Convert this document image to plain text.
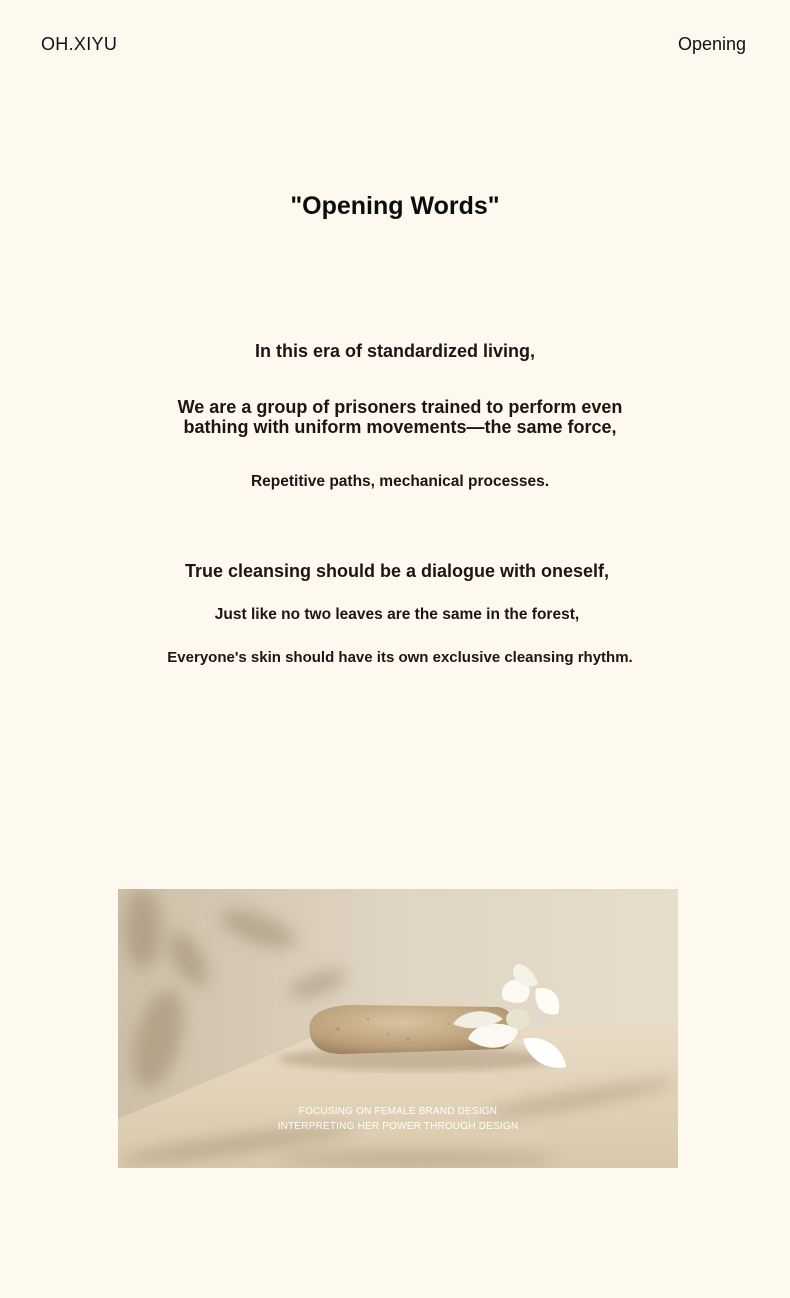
OH.XIYU	Opening
"Opening Words"
In this era of standardized living,
We are a group of prisoners trained to perform even
bathing with uniform movements—the same force,
Repetitive paths, mechanical processes.
True cleansing should be a dialogue with oneself,
Just like no two leaves are the same in the forest,
Everyone's skin should have its own exclusive cleansing rhythm.
FOCUSING ON FEMALE BRAND DESIGN
INTERPRETING HER POWER THROUGH DESIGN
